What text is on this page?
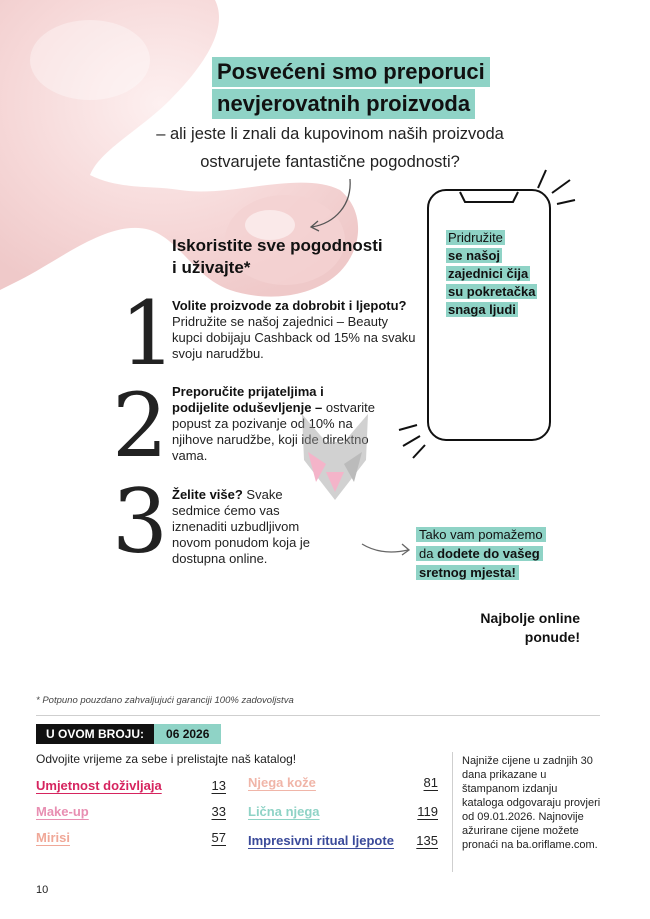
Posvećeni smo preporuci
nevjerovatnih proizvoda
– ali jeste li znali da kupovinom naših proizvoda
ostvarujete fantastične pogodnosti?
Iskoristite sve pogodnosti
i uživajte*
1
Volite proizvode za dobrobit i ljepotu? Pridružite se našoj zajednici – Beauty kupci dobijaju Cashback od 15% na svaku svoju narudžbu.
2 Preporučite prijateljima i podijelite oduševljenje – ostvarite popust za pozivanje od 10% na njihove narudžbe, koji ide direktno vama.
3 Želite više? Svake sedmice ćemo vas iznenaditi uzbudljivom novom ponudom koja je dostupna online.
Pridružite
se našoj
zajednici čija
su pokretačka
snaga ljudi
Tako vam pomažemo
da dodete do vašeg
sretnog mjesta!
Najbolje online
ponude!
* Potpuno pouzdano zahvaljujući garanciji 100% zadovoljstva
U OVOM BROJU:	06 2026
Odvojite vrijeme za sebe i prelistajte naš katalog!
Umjetnost doživljaja	13
Make-up	33
Mirisi	57
Njega kože	81
Lična njega	119
Impresivni ritual ljepote	135
Najniže cijene u zadnjih 30 dana prikazane u štampanom izdanju kataloga odgovaraju provjeri od 09.01.2026. Najnovije ažurirane cijene možete pronaći na ba.oriflame.com.
10
